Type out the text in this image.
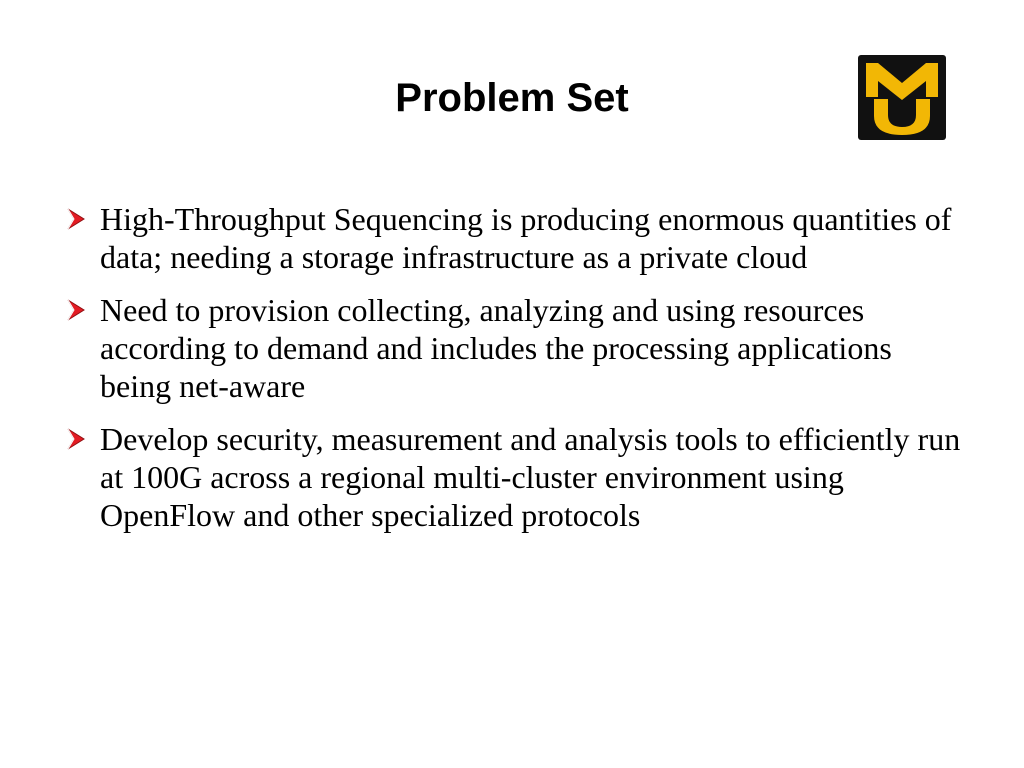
Problem Set
High-Throughput Sequencing is producing enormous quantities of data; needing a storage infrastructure as a private cloud
Need to provision collecting, analyzing and using resources according to demand and includes the processing applications being net-aware
Develop security, measurement and analysis tools to efficiently run at 100G across a regional multi-cluster environment using OpenFlow and other specialized protocols
